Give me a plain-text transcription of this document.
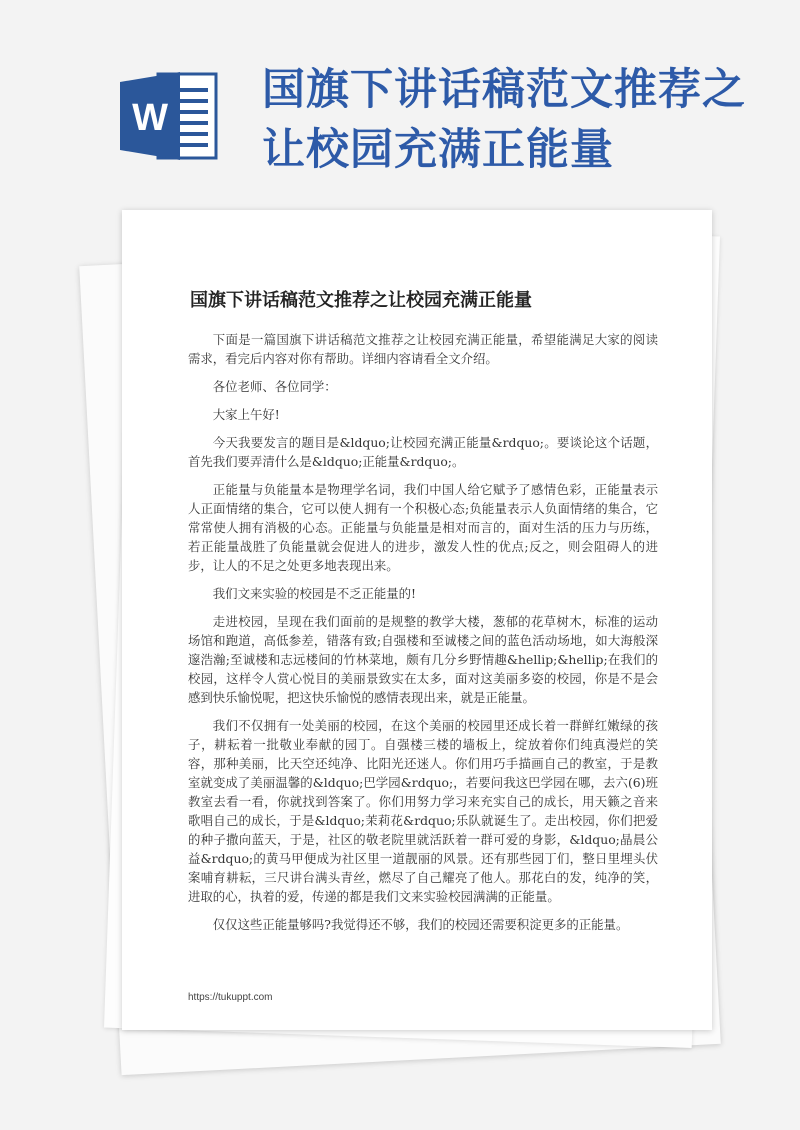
W
国旗下讲话稿范文推荐之让校园充满正能量
国旗下讲话稿范文推荐之让校园充满正能量

下面是一篇国旗下讲话稿范文推荐之让校园充满正能量，希望能满足大家的阅读需求，看完后内容对你有帮助。详细内容请看全文介绍。

各位老师、各位同学：

大家上午好!

今天我要发言的题目是&ldquo;让校园充满正能量&rdquo;。要谈论这个话题，首先我们要弄清什么是&ldquo;正能量&rdquo;。

正能量与负能量本是物理学名词，我们中国人给它赋予了感情色彩，正能量表示人正面情绪的集合，它可以使人拥有一个积极心态;负能量表示人负面情绪的集合，它常常使人拥有消极的心态。正能量与负能量是相对而言的，面对生活的压力与历练，若正能量战胜了负能量就会促进人的进步，激发人性的优点;反之，则会阻碍人的进步，让人的不足之处更多地表现出来。

我们文来实验的校园是不乏正能量的!

走进校园，呈现在我们面前的是规整的教学大楼，葱郁的花草树木，标准的运动场馆和跑道，高低参差，错落有致;自强楼和至诚楼之间的蓝色活动场地，如大海般深邃浩瀚;至诚楼和志远楼间的竹林菜地，颇有几分乡野情趣&hellip;&hellip;在我们的校园，这样令人赏心悦目的美丽景致实在太多，面对这美丽多姿的校园，你是不是会感到快乐愉悦呢，把这快乐愉悦的感情表现出来，就是正能量。

我们不仅拥有一处美丽的校园，在这个美丽的校园里还成长着一群鲜红嫩绿的孩子，耕耘着一批敬业奉献的园丁。自强楼三楼的墙板上，绽放着你们纯真漫烂的笑容，那种美丽，比天空还纯净、比阳光还迷人。你们用巧手描画自己的教室，于是教室就变成了美丽温馨的&ldquo;巴学园&rdquo;，若要问我这巴学园在哪，去六(6)班教室去看一看，你就找到答案了。你们用努力学习来充实自己的成长，用天籁之音来歌唱自己的成长，于是&ldquo;茉莉花&rdquo;乐队就诞生了。走出校园，你们把爱的种子撒向蓝天，于是，社区的敬老院里就活跃着一群可爱的身影，&ldquo;晶晨公益&rdquo;的黄马甲便成为社区里一道靓丽的风景。还有那些园丁们，整日里埋头伏案哺育耕耘，三尺讲台满头青丝，燃尽了自己耀亮了他人。那花白的发，纯净的笑，进取的心，执着的爱，传递的都是我们文来实验校园满满的正能量。

仅仅这些正能量够吗?我觉得还不够，我们的校园还需要积淀更多的正能量。

https://tukuppt.com
